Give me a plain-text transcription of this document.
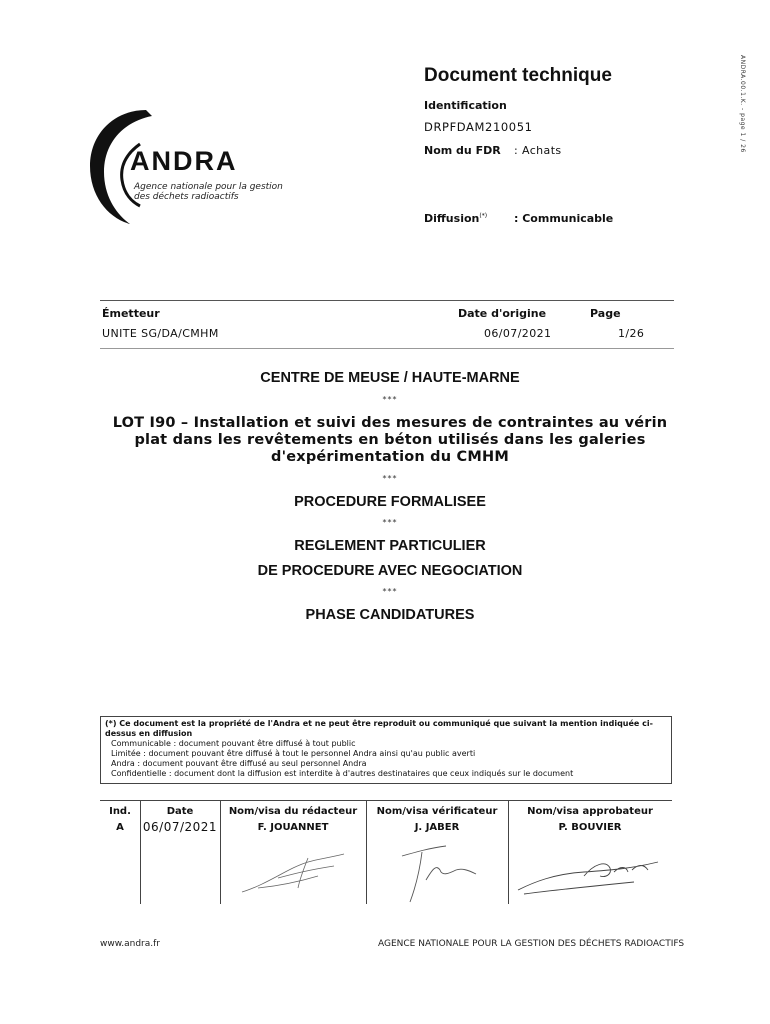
ANDRA.00.1.K. - page 1 / 26
Document technique
Identification
DRPFDAM210051
Nom du FDR : Achats
Diffusion(*) : Communicable
ANDRA
Agence nationale pour la gestion
des déchets radioactifs
Émetteur
UNITE SG/DA/CMHM
Date d'origine
06/07/2021
Page
1/26
CENTRE DE MEUSE / HAUTE-MARNE
***
LOT I90 – Installation et suivi des mesures de contraintes au vérin
plat dans les revêtements en béton utilisés dans les galeries
d'expérimentation du CMHM
***
PROCEDURE FORMALISEE
***
REGLEMENT PARTICULIER
DE PROCEDURE AVEC NEGOCIATION
***
PHASE CANDIDATURES
(*) Ce document est la propriété de l'Andra et ne peut être reproduit ou communiqué que suivant la mention indiquée ci-
dessus en diffusion
Communicable : document pouvant être diffusé à tout public
Limitée : document pouvant être diffusé à tout le personnel Andra ainsi qu'au public averti
Andra : document pouvant être diffusé au seul personnel Andra
Confidentielle : document dont la diffusion est interdite à d'autres destinataires que ceux indiqués sur le document
Ind.
A
Date
06/07/2021
Nom/visa du rédacteur
F. JOUANNET
Nom/visa vérificateur
J. JABER
Nom/visa approbateur
P. BOUVIER
www.andra.fr	AGENCE NATIONALE POUR LA GESTION DES DÉCHETS RADIOACTIFS
